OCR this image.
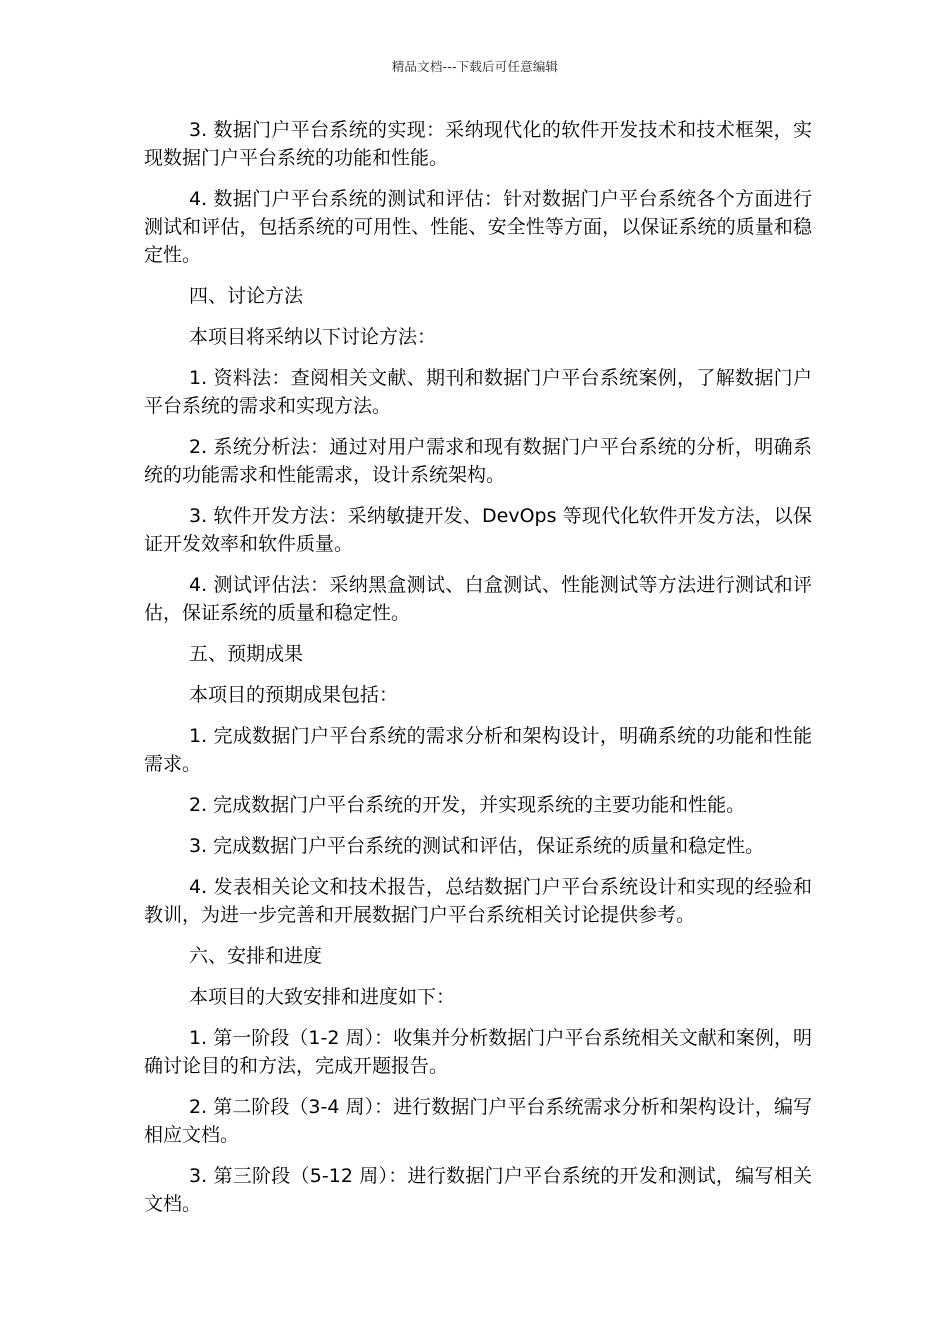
精品文档---下载后可任意编辑

3. 数据门户平台系统的实现：采纳现代化的软件开发技术和技术框架，实现数据门户平台系统的功能和性能。

4. 数据门户平台系统的测试和评估：针对数据门户平台系统各个方面进行测试和评估，包括系统的可用性、性能、安全性等方面，以保证系统的质量和稳定性。

四、讨论方法

本项目将采纳以下讨论方法：

1. 资料法：查阅相关文献、期刊和数据门户平台系统案例，了解数据门户平台系统的需求和实现方法。

2. 系统分析法：通过对用户需求和现有数据门户平台系统的分析，明确系统的功能需求和性能需求，设计系统架构。

3. 软件开发方法：采纳敏捷开发、DevOps 等现代化软件开发方法，以保证开发效率和软件质量。

4. 测试评估法：采纳黑盒测试、白盒测试、性能测试等方法进行测试和评估，保证系统的质量和稳定性。

五、预期成果

本项目的预期成果包括：

1. 完成数据门户平台系统的需求分析和架构设计，明确系统的功能和性能需求。

2. 完成数据门户平台系统的开发，并实现系统的主要功能和性能。

3. 完成数据门户平台系统的测试和评估，保证系统的质量和稳定性。

4. 发表相关论文和技术报告，总结数据门户平台系统设计和实现的经验和教训，为进一步完善和开展数据门户平台系统相关讨论提供参考。

六、安排和进度

本项目的大致安排和进度如下：

1. 第一阶段（1-2 周）：收集并分析数据门户平台系统相关文献和案例，明确讨论目的和方法，完成开题报告。

2. 第二阶段（3-4 周）：进行数据门户平台系统需求分析和架构设计，编写相应文档。

3. 第三阶段（5-12 周）：进行数据门户平台系统的开发和测试，编写相关文档。
